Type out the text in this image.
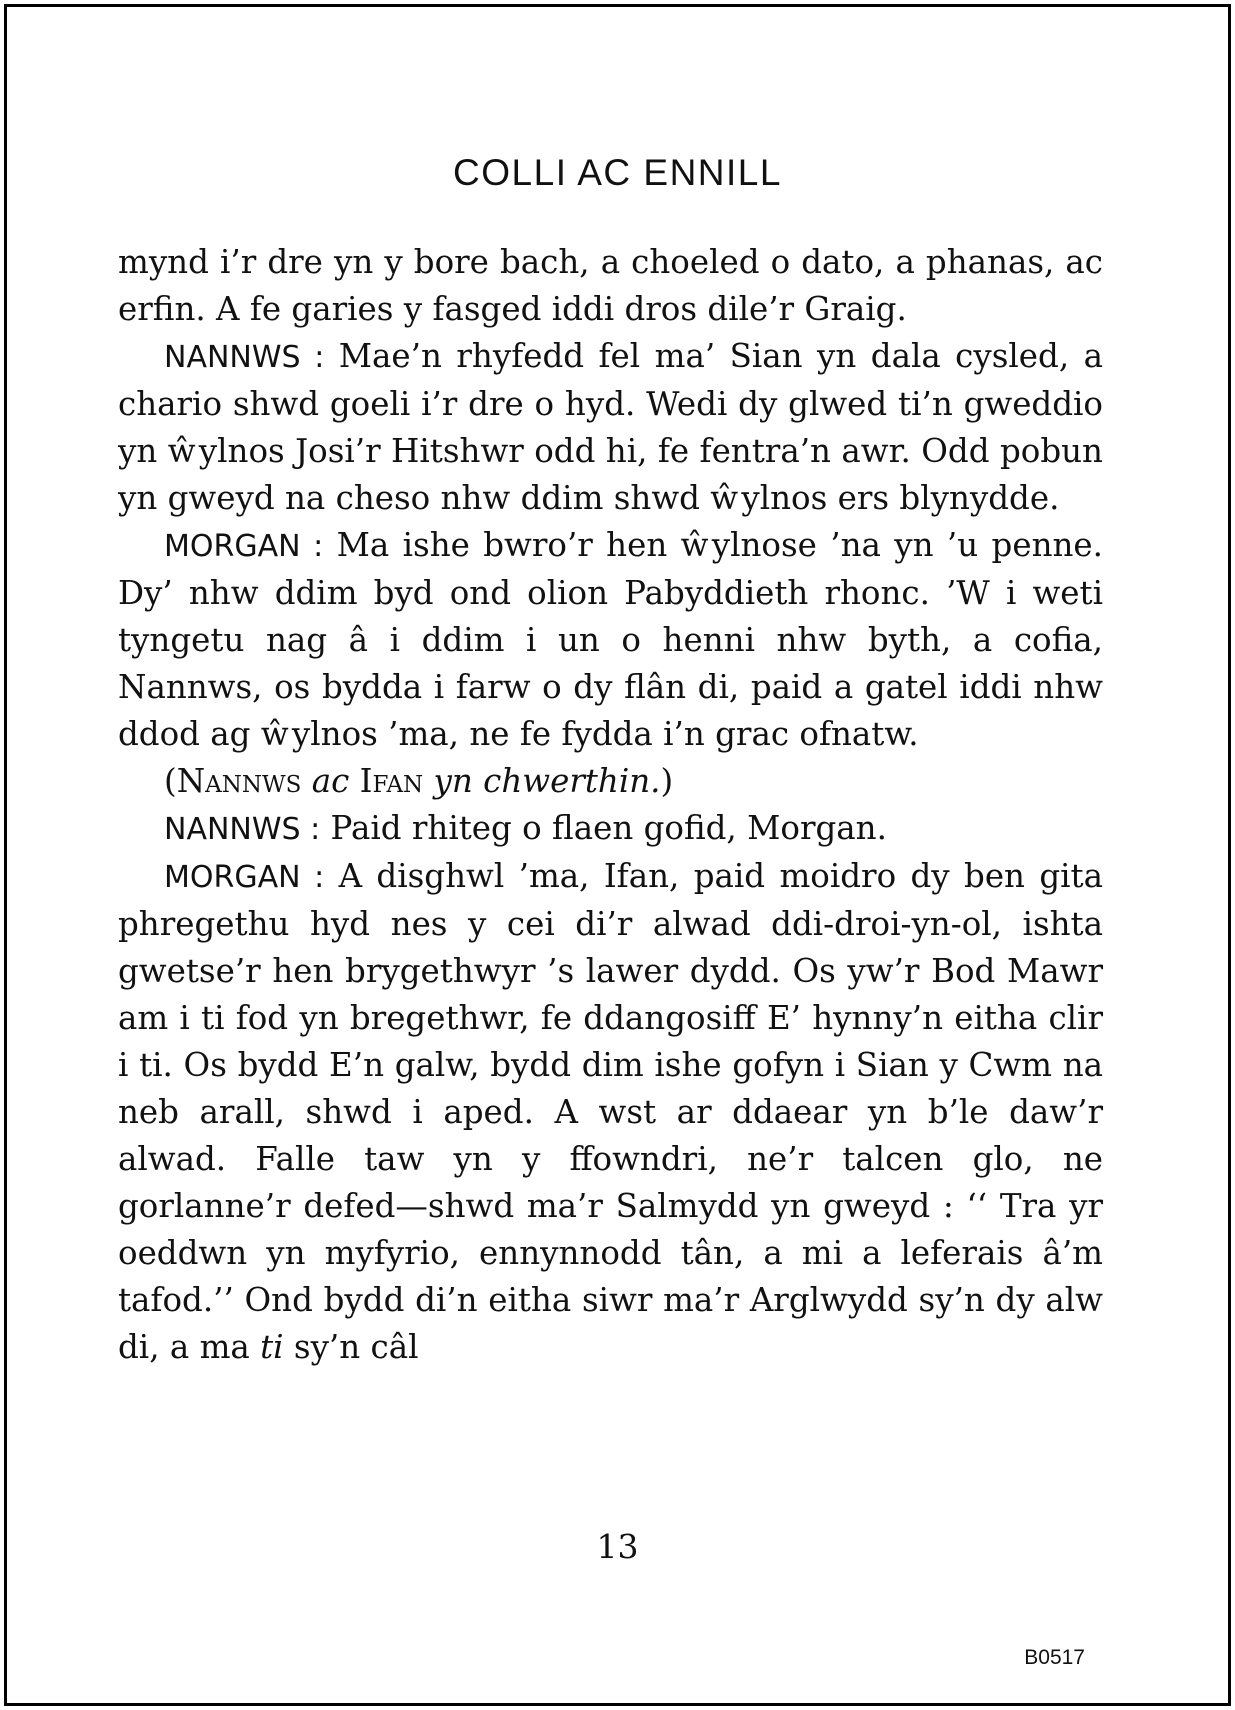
COLLI AC ENNILL

mynd i’r dre yn y bore bach, a choeled o dato, a phanas, ac erfin. A fe garies y fasged iddi dros dile’r Graig.

NANNWS : Mae’n rhyfedd fel ma’ Sian yn dala cysled, a chario shwd goeli i’r dre o hyd. Wedi dy glwed ti’n gweddio yn ŵylnos Josi’r Hitshwr odd hi, fe fentra’n awr. Odd pobun yn gweyd na cheso nhw ddim shwd ŵylnos ers blynydde.

MORGAN : Ma ishe bwro’r hen ŵylnose ’na yn ’u penne. Dy’ nhw ddim byd ond olion Pabyddieth rhonc. ’W i weti tyngetu nag â i ddim i un o henni nhw byth, a cofia, Nannws, os bydda i farw o dy flân di, paid a gatel iddi nhw ddod ag ŵylnos ’ma, ne fe fydda i’n grac ofnatw.

(Nannws ac Ifan yn chwerthin.)

NANNWS : Paid rhiteg o flaen gofid, Morgan.

MORGAN : A disghwl ’ma, Ifan, paid moidro dy ben gita phregethu hyd nes y cei di’r alwad ddi-droi-yn-ol, ishta gwetse’r hen brygethwyr ’s lawer dydd. Os yw’r Bod Mawr am i ti fod yn bregethwr, fe ddangosiff E’ hynny’n eitha clir i ti. Os bydd E’n galw, bydd dim ishe gofyn i Sian y Cwm na neb arall, shwd i aped. A wst ar ddaear yn b’le daw’r alwad. Falle taw yn y ffowndri, ne’r talcen glo, ne gorlanne’r defed—shwd ma’r Salmydd yn gweyd : ‘‘ Tra yr oeddwn yn myfyrio, ennynnodd tân, a mi a leferais â’m tafod.’’ Ond bydd di’n eitha siwr ma’r Arglwydd sy’n dy alw di, a ma ti sy’n câl

13
B0517
